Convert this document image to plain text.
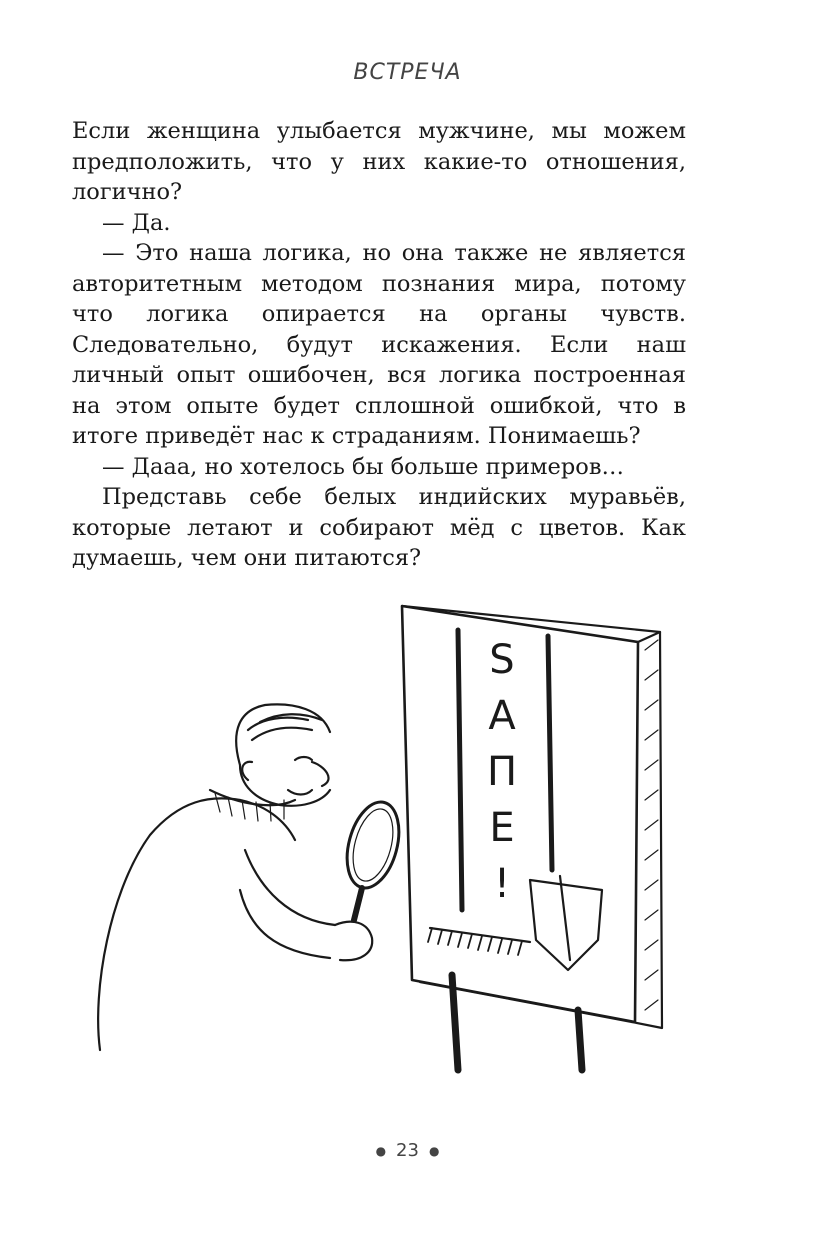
ВСТРЕЧА

Если женщина улыбается мужчине, мы можем предположить, что у них какие-то отношения, логично?

— Да.

— Это наша логика, но она также не является авторитетным методом познания мира, потому что логика опирается на органы чувств. Следовательно, будут искажения. Если наш личный опыт ошибочен, вся логика построенная на этом опыте будет сплошной ошибкой, что в итоге приведёт нас к страданиям. Понимаешь?

— Дааа, но хотелось бы больше примеров…

Представь себе белых индийских муравьёв, которые летают и собирают мёд с цветов. Как думаешь, чем они питаются?

S
A
П
Е
!
● 23 ●
